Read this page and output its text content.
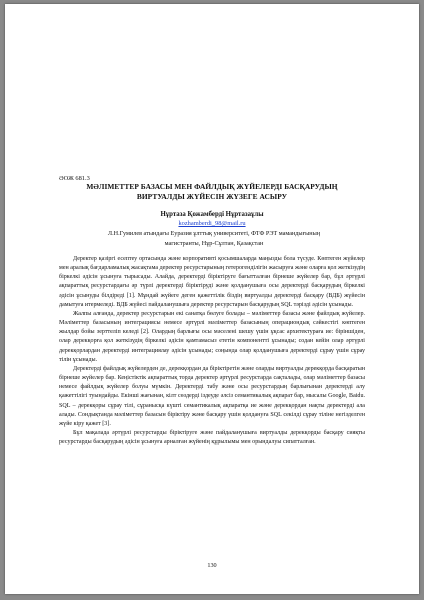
ӘОЖ 681.3
МӘЛІМЕТТЕР БАЗАСЫ МЕН ФАЙЛДЫҚ ЖҮЙЕЛЕРДІ БАСҚАРУДЫҢ
ВИРТУАЛДЫ ЖҮЙЕСІН ЖҮЗЕГЕ АСЫРУ
Нұртаза Қожамберді Нұртазаұлы
kozhamberdi_98@mail.ru
Л.Н.Гумилев атындағы Еуразия ұлттық университеті, ФТФ РЭТ мамандығының
магистранты, Нұр-Сұлтан, Қазақстан

Деректер қазіргі есептеу ортасында және корпоративті қосымшаларда маңызды бола түсуде. Көптеген жүйелер мен аралық бағдарламалық жасақтама деректер ресурстарының гетерогенділігін жасыруға және оларға қол жеткізудің біркелкі әдісін ұсынуға тырысады. Алайда, деректерді біріктіруге бағытталған бірнеше жүйелер бар, бұл әртүрлі ақпараттық ресурстардағы әр түрлі деректерді біріктіруді және қолданушыға осы деректерді басқарудың біркелкі әдісін ұсынуды білдіреді [1]. Мұндай жүйеге деген қажеттілік біздің виртуалды деректерді басқару (ВДБ) жүйесін дамытуға итермеледі. ВДБ жүйесі пайдаланушыға деректер ресурстарын басқарудың SQL тәрізді әдісін ұсынады.

Жалпы алғанда, деректер ресурстарын екі санатқа бөлуге болады – мәліметтер базасы және файлдық жүйелер. Мәліметтер базасының интеграциясы немесе әртүрлі мәліметтер базасының операциондық сәйкестігі көптеген жылдар бойы зерттеліп келеді [2]. Олардың барлығы осы мәселені шешу үшін ұқсас архитектураға ие: біріншіден, олар дерекқорға қол жеткізудің біркелкі әдісін қамтамасыз ететін компонентті ұсынады; содан кейін олар әртүрлі дерекқорлардан деректерді интеграциялау әдісін ұсынады; соңында олар қолданушыға деректерді сұрау үшін сұрау тілін ұсынады.

Деректерді файлдық жүйелерден де, дерекқордан да біріктіретін және оларды виртуалды дерекқорда басқаратын бірнеше жүйелер бар. Кеңістіктік ақпараттық торда деректер әртүрлі ресурстарда сақталады, олар мәліметтер базасы немесе файлдық жүйелер болуы мүмкін. Деректерді табу және осы ресурстардың барлығынан деректерді алу қажеттілігі туындайды. Екінші жағынан, кілт сөздерді іздеуде әлсіз семантикалық ақпарат бар, мысалы Google, Baidu. SQL – дерекқоры сұрау тілі, сұранысқа күшті семантикалық ақпаратқа ие және дерекқордан нақты деректерді ала алады. Сондықтанда мәліметтер базасын біріктіру және басқару үшін қолдануға SQL секілді сұрау тіліне негізделген жүйе кіру қажет [3].

Бұл мақалада әртүрлі ресурстарды біріктіруге және пайдаланушыға виртуалды дерекқорды басқару сияқты ресурстарды басқарудың әдісін ұсынуға арналған жүйенің құрылымы мен орындалуы сипатталған.

130
